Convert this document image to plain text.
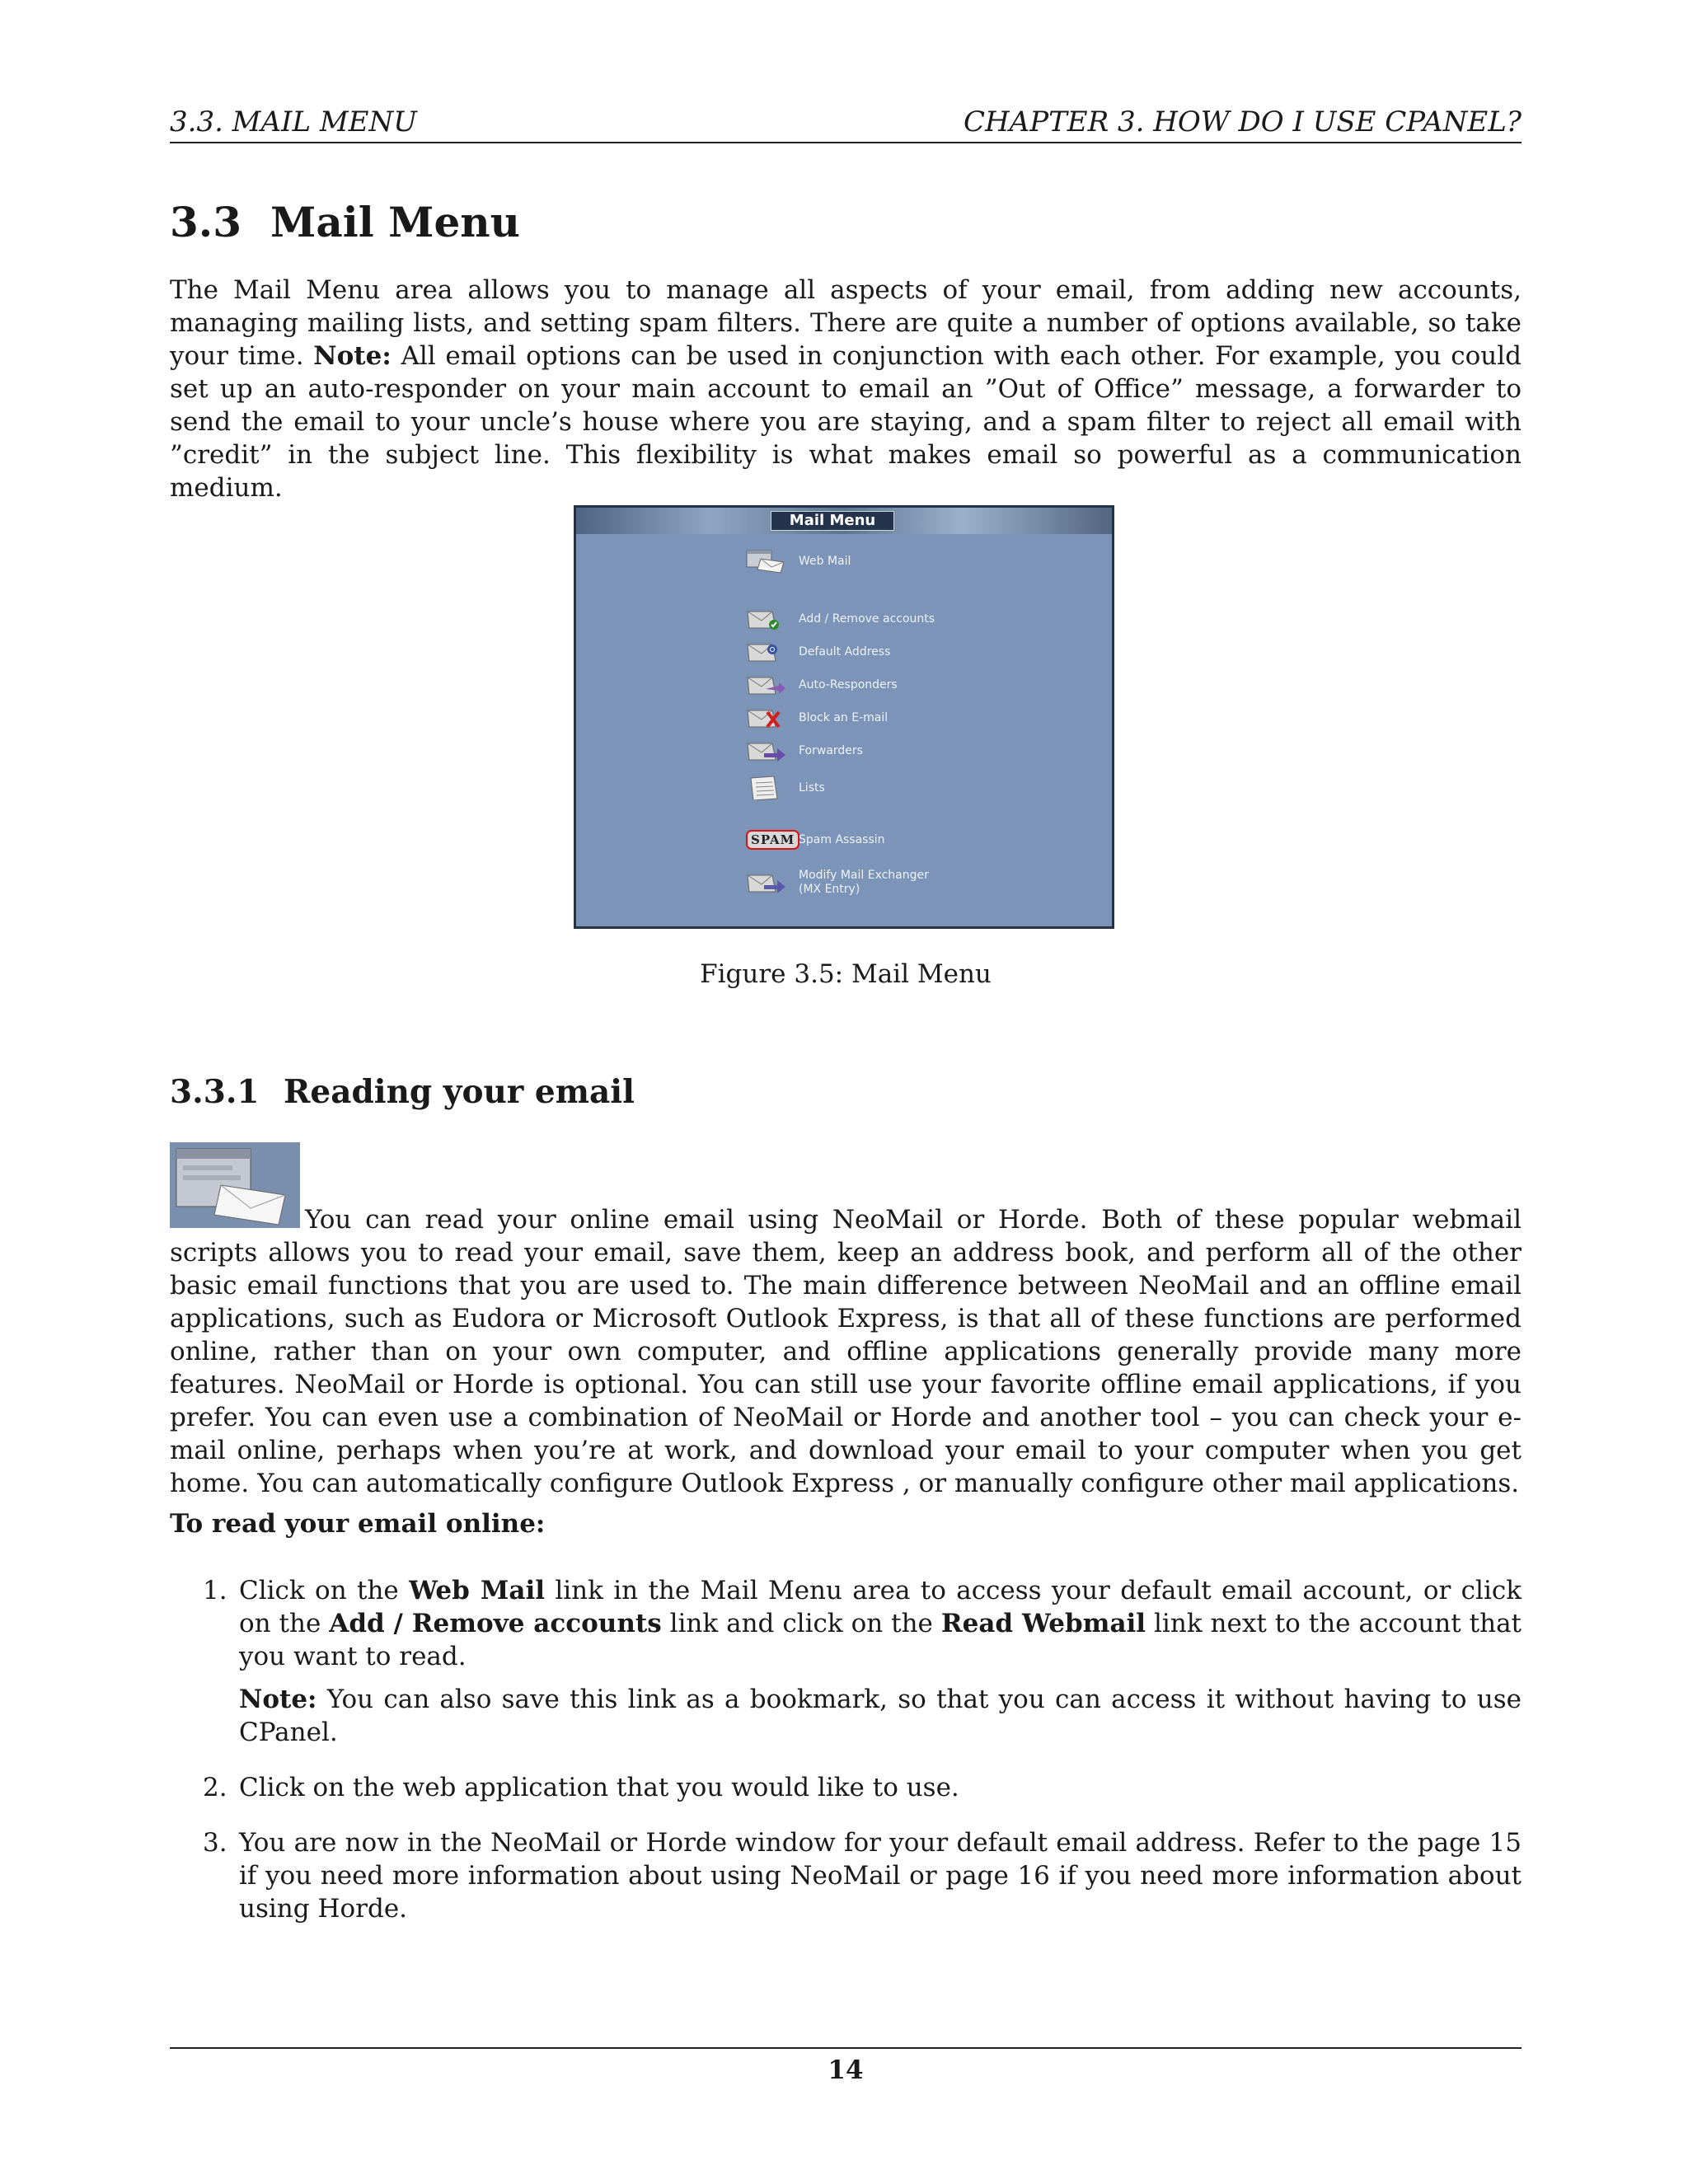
3.3. MAIL MENU	CHAPTER 3. HOW DO I USE CPANEL?
3.3 Mail Menu

The Mail Menu area allows you to manage all aspects of your email, from adding new accounts, managing mailing lists, and setting spam filters. There are quite a number of options available, so take your time. Note: All email options can be used in conjunction with each other. For example, you could set up an auto-responder on your main account to email an ”Out of Office” message, a forwarder to send the email to your uncle’s house where you are staying, and a spam filter to reject all email with ”credit” in the subject line. This flexibility is what makes email so powerful as a communication medium.

Mail Menu
Web Mail
Add / Remove accounts
Default Address
Auto-Responders
Block an E-mail
Forwarders
Lists
SPAM Spam Assassin
Modify Mail Exchanger
(MX Entry)

Figure 3.5: Mail Menu

3.3.1 Reading your email

You can read your online email using NeoMail or Horde. Both of these popular webmail scripts allows you to read your email, save them, keep an address book, and perform all of the other basic email functions that you are used to. The main difference between NeoMail and an offline email applications, such as Eudora or Microsoft Outlook Express, is that all of these functions are performed online, rather than on your own computer, and offline applications generally provide many more features. NeoMail or Horde is optional. You can still use your favorite offline email applications, if you prefer. You can even use a combination of NeoMail or Horde and another tool – you can check your e-mail online, perhaps when you’re at work, and download your email to your computer when you get home. You can automatically configure Outlook Express , or manually configure other mail applications.

To read your email online:

1. Click on the Web Mail link in the Mail Menu area to access your default email account, or click on the Add / Remove accounts link and click on the Read Webmail link next to the account that you want to read.
Note: You can also save this link as a bookmark, so that you can access it without having to use CPanel.
2. Click on the web application that you would like to use.
3. You are now in the NeoMail or Horde window for your default email address. Refer to the page 15 if you need more information about using NeoMail or page 16 if you need more information about using Horde.
14
